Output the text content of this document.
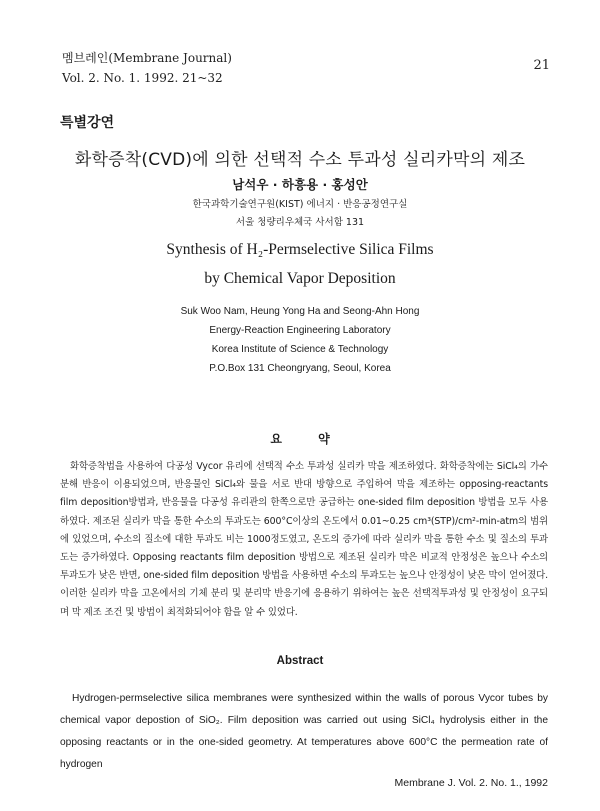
멤브레인(Membrane Journal)
Vol. 2. No. 1. 1992. 21~32
21
특별강연
화학증착(CVD)에 의한 선택적 수소 투과성 실리카막의 제조
남석우 · 하흥용 · 홍성안
한국과학기술연구원(KIST) 에너지 · 반응공정연구실
서울 청량리우체국 사서함 131
Synthesis of H₂-Permselective Silica Films
by Chemical Vapor Deposition
Suk Woo Nam, Heung Yong Ha and Seong-Ahn Hong
Energy-Reaction Engineering Laboratory
Korea Institute of Science & Technology
P.O.Box 131 Cheongryang, Seoul, Korea
요 약

화학증착법을 사용하여 다공성 Vycor 유리에 선택적 수소 투과성 실리카 막을 제조하였다. 화학증착에는 SiCl₄의 가수분해 반응이 이용되었으며, 반응물인 SiCl₄와 물을 서로 반대 방향으로 주입하여 막을 제조하는 opposing-reactants film deposition방법과, 반응물을 다공성 유리관의 한쪽으로만 공급하는 one-sided film deposition 방법을 모두 사용하였다. 제조된 실리카 막을 통한 수소의 투과도는 600°C이상의 온도에서 0.01~0.25 cm³(STP)/cm²-min-atm의 범위에 있었으며, 수소의 질소에 대한 투과도 비는 1000정도였고, 온도의 증가에 따라 실리카 막을 통한 수소 및 질소의 투과도는 증가하였다. Opposing reactants film deposition 방법으로 제조된 실리카 막은 비교적 안정성은 높으나 수소의 투과도가 낮은 반면, one-sided film deposition 방법을 사용하면 수소의 투과도는 높으나 안정성이 낮은 막이 얻어졌다. 이러한 실리카 막을 고온에서의 기체 분리 및 분리막 반응기에 응용하기 위하여는 높은 선택적투과성 및 안정성이 요구되며 막 제조 조건 및 방법이 최적화되어야 함을 알 수 있었다.

Abstract

Hydrogen-permselective silica membranes were synthesized within the walls of porous Vycor tubes by chemical vapor depostion of SiO₂. Film deposition was carried out using SiCl₄ hydrolysis either in the opposing reactants or in the one-sided geometry. At temperatures above 600°C the permeation rate of hydrogen

Membrane J. Vol. 2. No. 1., 1992
